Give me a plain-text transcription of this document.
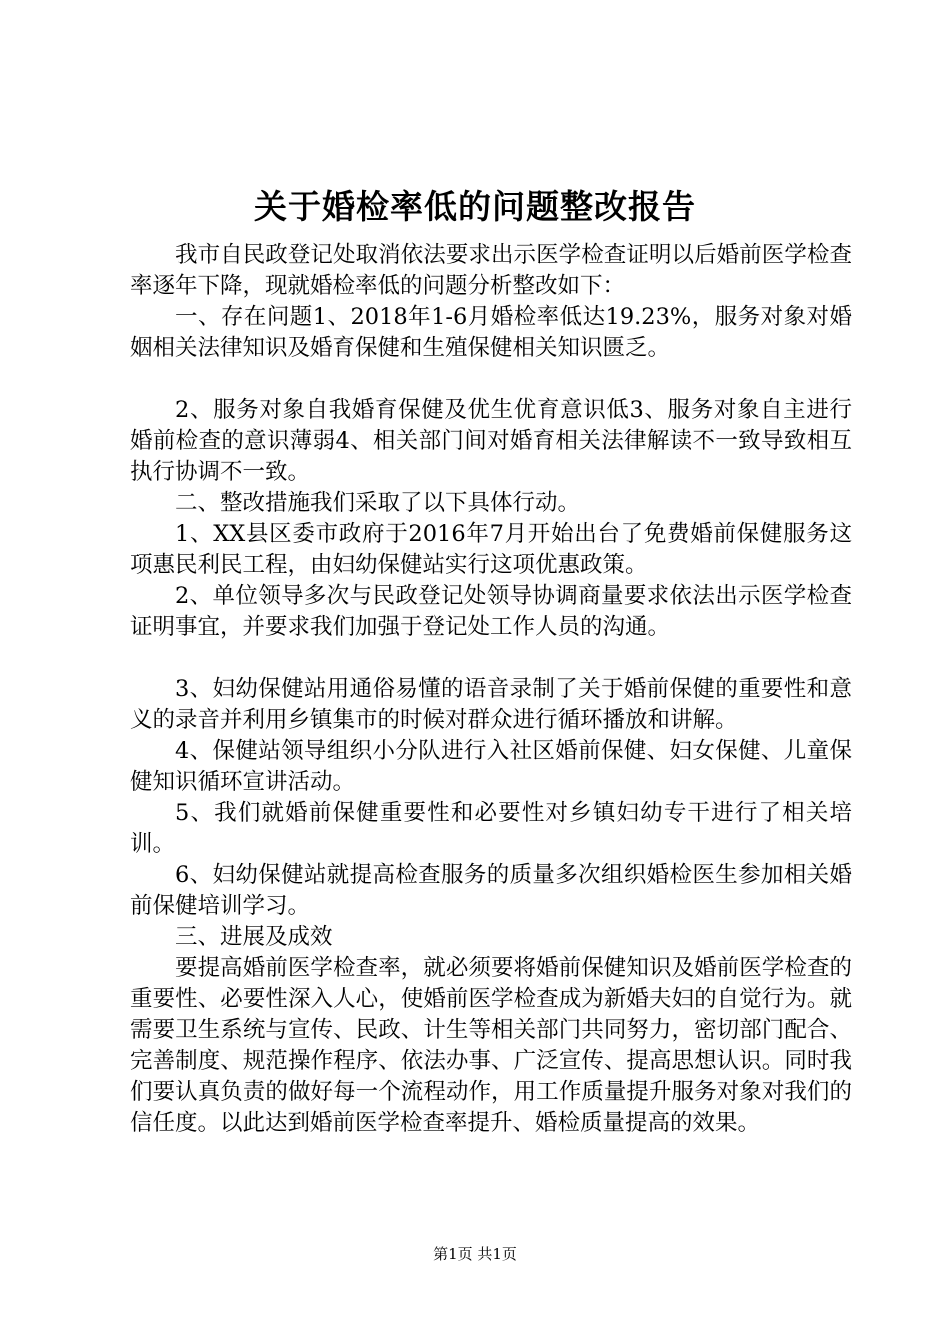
关于婚检率低的问题整改报告

我市自民政登记处取消依法要求出示医学检查证明以后婚前医学检查率逐年下降，现就婚检率低的问题分析整改如下：

一、存在问题1、2018年1-6月婚检率低达19.23%，服务对象对婚姻相关法律知识及婚育保健和生殖保健相关知识匮乏。

2、服务对象自我婚育保健及优生优育意识低3、服务对象自主进行婚前检查的意识薄弱4、相关部门间对婚育相关法律解读不一致导致相互执行协调不一致。

二、整改措施我们采取了以下具体行动。

1、XX县区委市政府于2016年7月开始出台了免费婚前保健服务这项惠民利民工程，由妇幼保健站实行这项优惠政策。

2、单位领导多次与民政登记处领导协调商量要求依法出示医学检查证明事宜，并要求我们加强于登记处工作人员的沟通。

3、妇幼保健站用通俗易懂的语音录制了关于婚前保健的重要性和意义的录音并利用乡镇集市的时候对群众进行循环播放和讲解。

4、保健站领导组织小分队进行入社区婚前保健、妇女保健、儿童保健知识循环宣讲活动。

5、我们就婚前保健重要性和必要性对乡镇妇幼专干进行了相关培训。

6、妇幼保健站就提高检查服务的质量多次组织婚检医生参加相关婚前保健培训学习。

三、进展及成效

要提高婚前医学检查率，就必须要将婚前保健知识及婚前医学检查的重要性、必要性深入人心，使婚前医学检查成为新婚夫妇的自觉行为。就需要卫生系统与宣传、民政、计生等相关部门共同努力，密切部门配合、完善制度、规范操作程序、依法办事、广泛宣传、提高思想认识。同时我们要认真负责的做好每一个流程动作，用工作质量提升服务对象对我们的信任度。以此达到婚前医学检查率提升、婚检质量提高的效果。

第1页 共1页
